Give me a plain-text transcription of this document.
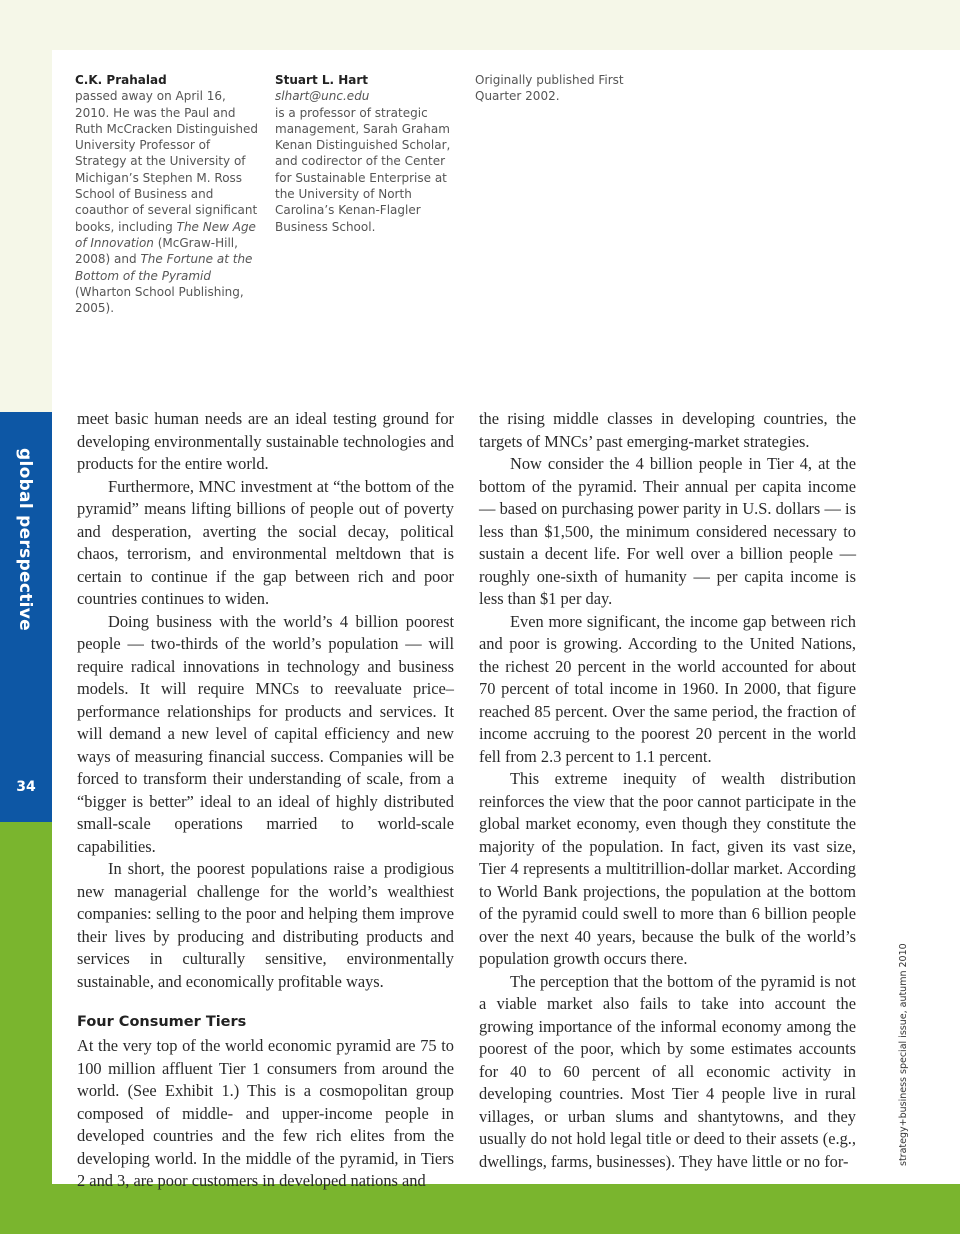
global perspective
34
C.K. Prahalad
passed away on April 16, 2010. He was the Paul and Ruth McCracken Distinguished University Professor of Strategy at the University of Michigan’s Stephen M. Ross School of Business and coauthor of several significant books, including The New Age of Innovation (McGraw-Hill, 2008) and The Fortune at the Bottom of the Pyramid (Wharton School Publishing, 2005).
Stuart L. Hart
slhart@unc.edu
is a professor of strategic management, Sarah Graham Kenan Distinguished Scholar, and codirector of the Center for Sustainable Enterprise at the University of North Carolina’s Kenan-Flagler Business School.
Originally published First Quarter 2002.

meet basic human needs are an ideal testing ground for developing environmentally sustainable technologies and products for the entire world.

Furthermore, MNC investment at “the bottom of the pyramid” means lifting billions of people out of poverty and desperation, averting the social decay, political chaos, terrorism, and environmental meltdown that is certain to continue if the gap between rich and poor countries continues to widen.

Doing business with the world’s 4 billion poorest people — two-thirds of the world’s population — will require radical innovations in technology and business models. It will require MNCs to reevaluate price–performance relationships for products and services. It will demand a new level of capital efficiency and new ways of measuring financial success. Companies will be forced to transform their understanding of scale, from a “bigger is better” ideal to an ideal of highly distributed small-scale operations married to world-scale capabilities.

In short, the poorest populations raise a prodigious new managerial challenge for the world’s wealthiest companies: selling to the poor and helping them improve their lives by producing and distributing products and services in culturally sensitive, environmentally sustainable, and economically profitable ways.

Four Consumer Tiers

At the very top of the world economic pyramid are 75 to 100 million affluent Tier 1 consumers from around the world. (See Exhibit 1.) This is a cosmopolitan group composed of middle- and upper-income people in developed countries and the few rich elites from the developing world. In the middle of the pyramid, in Tiers 2 and 3, are poor customers in developed nations and

the rising middle classes in developing countries, the targets of MNCs’ past emerging-market strategies.

Now consider the 4 billion people in Tier 4, at the bottom of the pyramid. Their annual per capita income — based on purchasing power parity in U.S. dollars — is less than $1,500, the minimum considered necessary to sustain a decent life. For well over a billion people — roughly one-sixth of humanity — per capita income is less than $1 per day.

Even more significant, the income gap between rich and poor is growing. According to the United Nations, the richest 20 percent in the world accounted for about 70 percent of total income in 1960. In 2000, that figure reached 85 percent. Over the same period, the fraction of income accruing to the poorest 20 percent in the world fell from 2.3 percent to 1.1 percent.

This extreme inequity of wealth distribution reinforces the view that the poor cannot participate in the global market economy, even though they constitute the majority of the population. In fact, given its vast size, Tier 4 represents a multitrillion-dollar market. According to World Bank projections, the population at the bottom of the pyramid could swell to more than 6 billion people over the next 40 years, because the bulk of the world’s population growth occurs there.

The perception that the bottom of the pyramid is not a viable market also fails to take into account the growing importance of the informal economy among the poorest of the poor, which by some estimates accounts for 40 to 60 percent of all economic activity in developing countries. Most Tier 4 people live in rural villages, or urban slums and shantytowns, and they usually do not hold legal title or deed to their assets (e.g., dwellings, farms, businesses). They have little or no for-	strategy+business special issue, autumn 2010
